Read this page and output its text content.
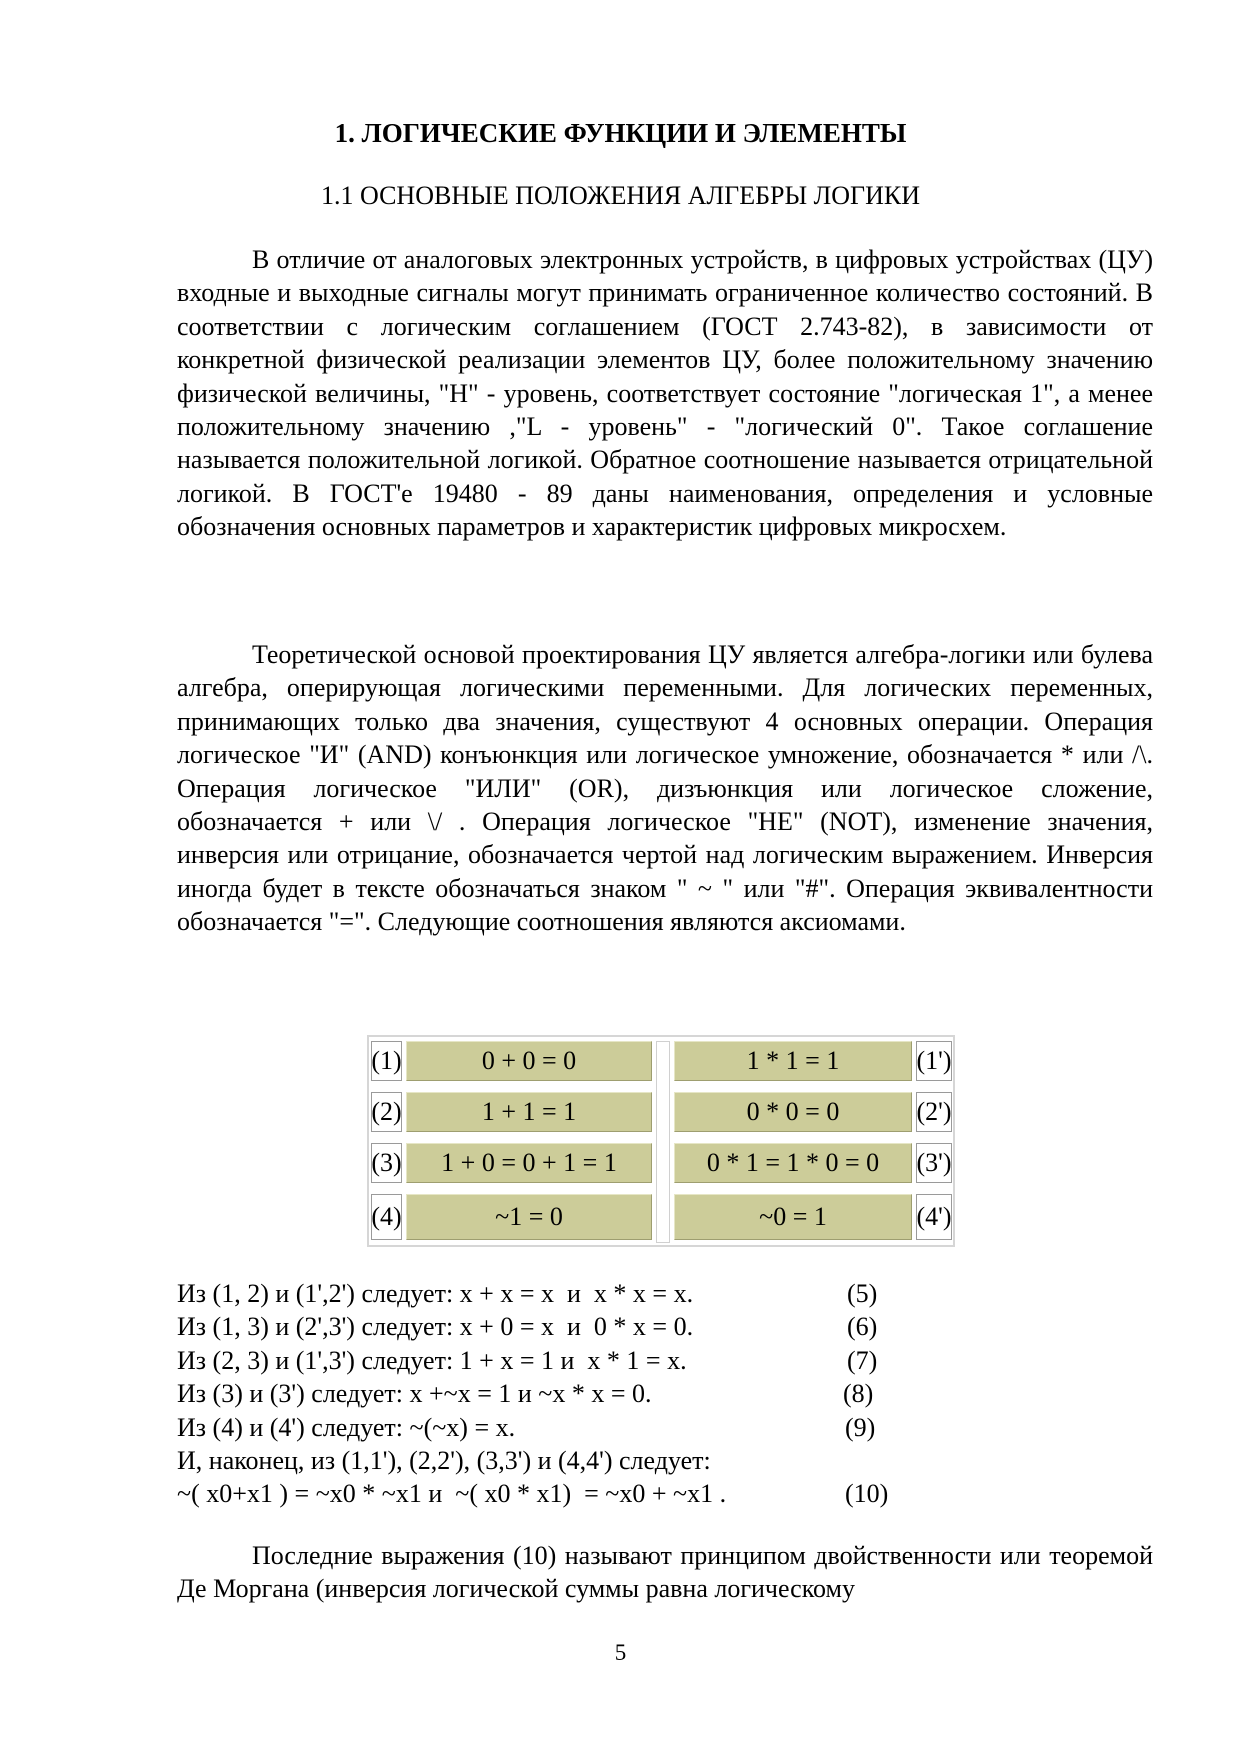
1. ЛОГИЧЕСКИЕ ФУНКЦИИ И ЭЛЕМЕНТЫ
1.1 ОСНОВНЫЕ ПОЛОЖЕНИЯ АЛГЕБРЫ ЛОГИКИ

В отличие от аналоговых электронных устройств, в цифровых устройствах (ЦУ) входные и выходные сигналы могут принимать ограниченное количество состояний. В соответствии с логическим соглашением (ГОСТ 2.743-82), в зависимости от конкретной физической реализации элементов ЦУ, более положительному значению физической величины, "Н" - уровень, соответствует состояние "логическая 1", а менее положительному значению ,"L - уровень" - "логический 0". Такое соглашение называется положительной логикой. Обратное соотношение называется отрицательной логикой. В ГОСТ'е 19480 - 89 даны наименования, определения и условные обозначения основных параметров и характеристик цифровых микросхем.

Теоретической основой проектирования ЦУ является алгебра-логики или булева алгебра, оперирующая логическими переменными. Для логических переменных, принимающих только два значения, существуют 4 основных операции. Операция логическое "И" (AND) конъюнкция или логическое умножение, обозначается * или /\. Операция логическое "ИЛИ" (OR), дизъюнкция или логическое сложение, обозначается + или \/ . Операция логическое "НЕ" (NOT), изменение значения, инверсия или отрицание, обозначается чертой над логическим выражением. Инверсия иногда будет в тексте обозначаться знаком " ~ " или "#". Операция эквивалентности обозначается "=". Следующие соотношения являются аксиомами.

(1)	0 + 0 = 0	1 * 1 = 1	(1')
(2)	1 + 1 = 1	0 * 0 = 0	(2')
(3)	1 + 0 = 0 + 1 = 1	0 * 1 = 1 * 0 = 0	(3')
(4)	~1 = 0	~0 = 1	(4')

Из (1, 2) и (1',2') следует: x + x = x  и  x * x = x.

	(5)

Из (1, 3) и (2',3') следует: x + 0 = x  и  0 * x = 0.

	(6)

Из (2, 3) и (1',3') следует: 1 + x = 1 и  x * 1 = x.

	(7)

Из (3) и (3') следует: x +~x = 1 и ~x * x = 0.

	(8)

Из (4) и (4') следует: ~(~x) = x.

	(9)

И, наконец, из (1,1'), (2,2'), (3,3') и (4,4') следует:

~( x0+x1 ) = ~x0 * ~x1 и  ~( x0 * x1)  = ~x0 + ~x1 .

	(10)

Последние выражения (10) называют принципом двойственности или теоремой Де Моргана (инверсия логической суммы равна логическому

5
